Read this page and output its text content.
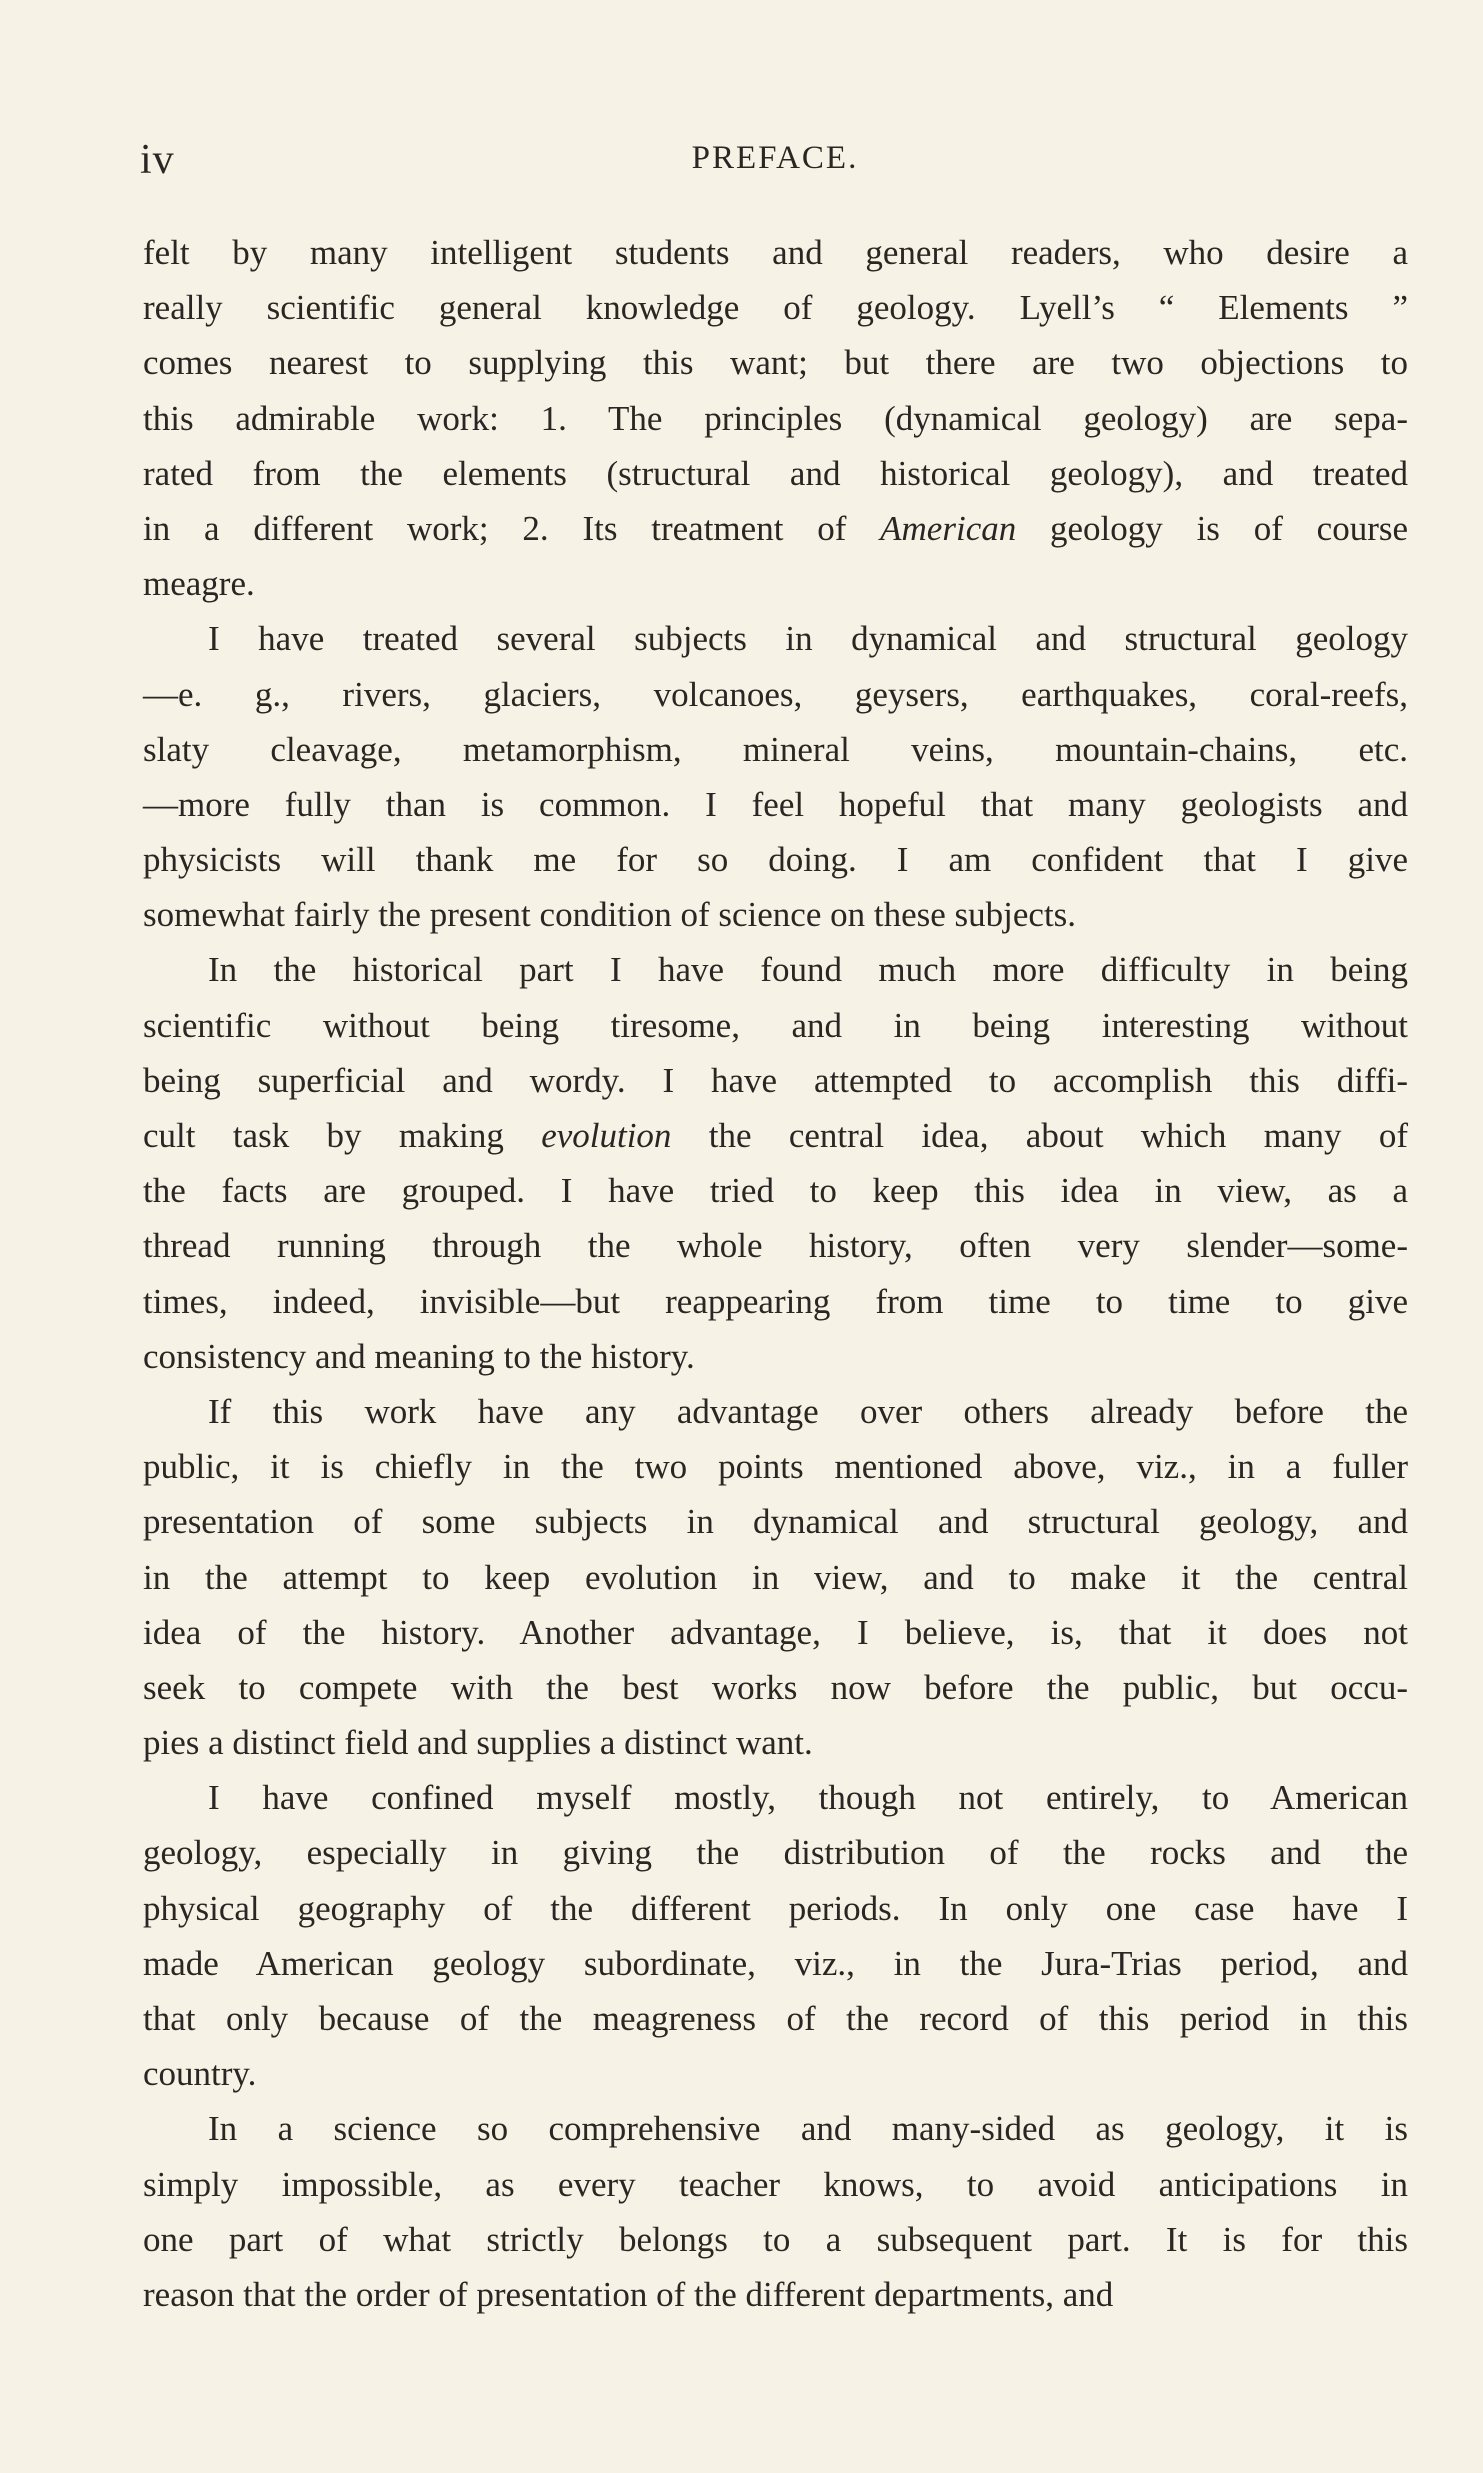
iv	PREFACE.
felt by many intelligent students and general readers, who desire a
really scientific general knowledge of geology. Lyell’s “ Elements ”
comes nearest to supplying this want; but there are two objections to
this admirable work: 1. The principles (dynamical geology) are sepa-
rated from the elements (structural and historical geology), and treated
in a different work; 2. Its treatment of American geology is of course
meagre.
I have treated several subjects in dynamical and structural geology
—e. g., rivers, glaciers, volcanoes, geysers, earthquakes, coral-reefs,
slaty cleavage, metamorphism, mineral veins, mountain-chains, etc.
—more fully than is common. I feel hopeful that many geologists and
physicists will thank me for so doing. I am confident that I give
somewhat fairly the present condition of science on these subjects.
In the historical part I have found much more difficulty in being
scientific without being tiresome, and in being interesting without
being superficial and wordy. I have attempted to accomplish this diffi-
cult task by making evolution the central idea, about which many of
the facts are grouped. I have tried to keep this idea in view, as a
thread running through the whole history, often very slender—some-
times, indeed, invisible—but reappearing from time to time to give
consistency and meaning to the history.
If this work have any advantage over others already before the
public, it is chiefly in the two points mentioned above, viz., in a fuller
presentation of some subjects in dynamical and structural geology, and
in the attempt to keep evolution in view, and to make it the central
idea of the history. Another advantage, I believe, is, that it does not
seek to compete with the best works now before the public, but occu-
pies a distinct field and supplies a distinct want.
I have confined myself mostly, though not entirely, to American
geology, especially in giving the distribution of the rocks and the
physical geography of the different periods. In only one case have I
made American geology subordinate, viz., in the Jura-Trias period, and
that only because of the meagreness of the record of this period in this
country.
In a science so comprehensive and many-sided as geology, it is
simply impossible, as every teacher knows, to avoid anticipations in
one part of what strictly belongs to a subsequent part. It is for this
reason that the order of presentation of the different departments, and
